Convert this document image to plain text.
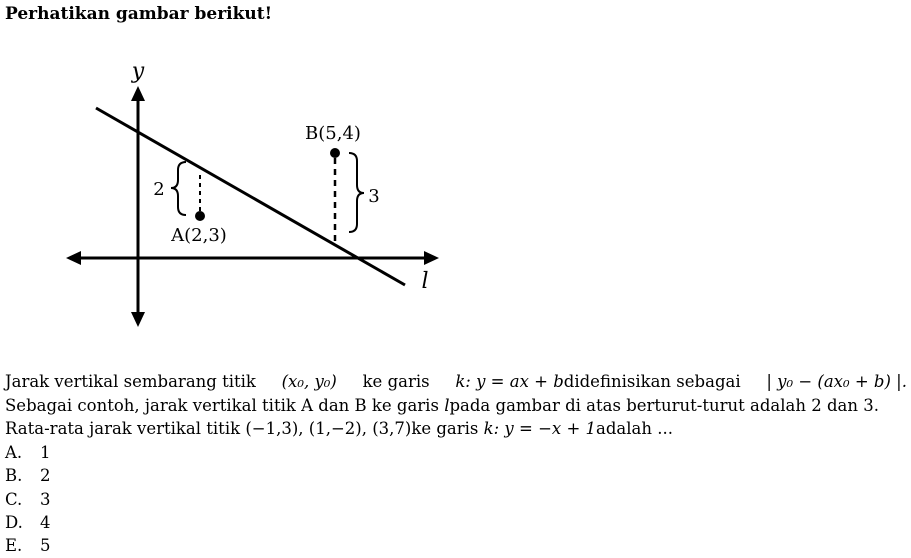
Perhatikan gambar berikut!
y
l
B(5,4)
A(2,3)
2	3
Jarak vertikal sembarang titik (x₀, y₀) ke garis k: y = ax + bdidefinisikan sebagai | y₀ − (ax₀ + b) |.
Sebagai contoh, jarak vertikal titik A dan B ke garis lpada gambar di atas berturut-turut adalah 2 dan 3.
Rata-rata jarak vertikal titik (−1,3), (1,−2), (3,7)ke garis k: y = −x + 1adalah ...
A.	1
B.	2
C.	3
D.	4
E.	5
